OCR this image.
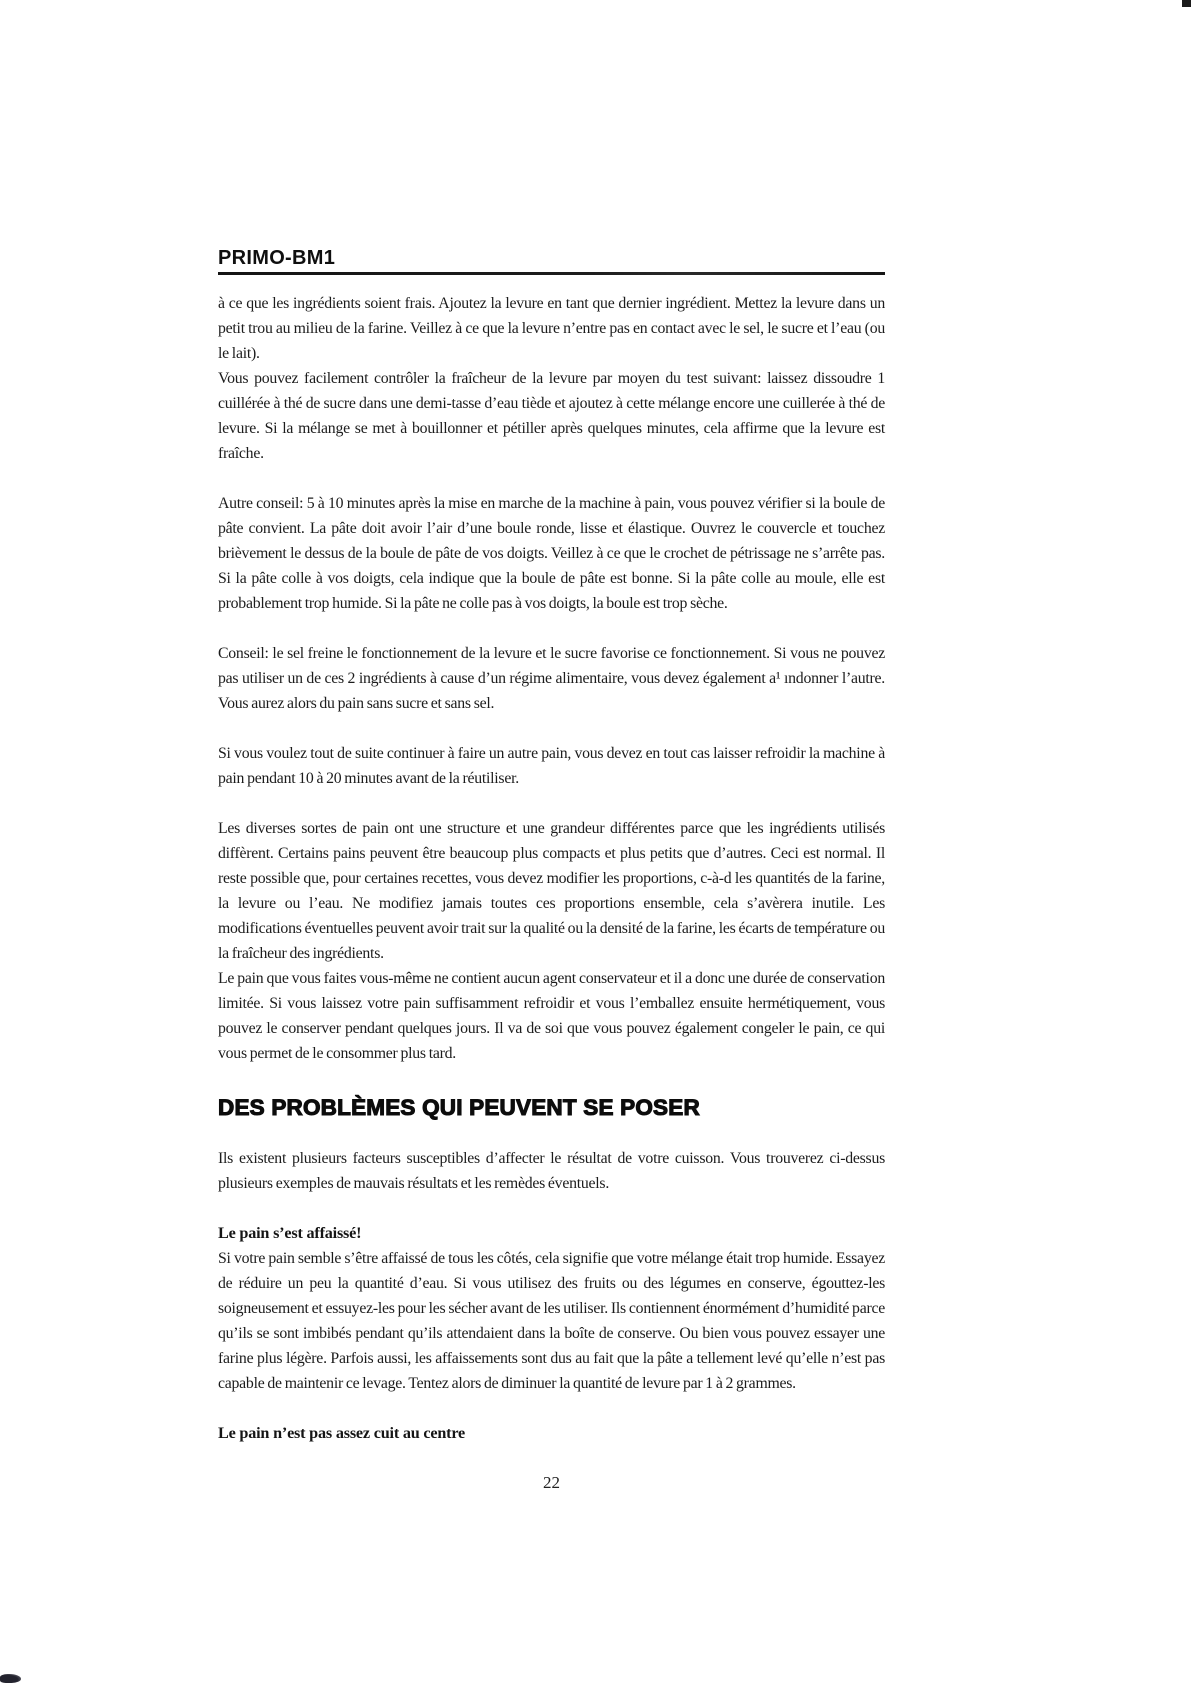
PRIMO-BM1

à ce que les ingrédients soient frais. Ajoutez la levure en tant que dernier ingrédient. Mettez la levure dans un petit trou au milieu de la farine. Veillez à ce que la levure n’entre pas en contact avec le sel, le sucre et l’eau (ou le lait).

Vous pouvez facilement contrôler la fraîcheur de la levure par moyen du test suivant: laissez dissoudre 1 cuillérée à thé de sucre dans une demi-tasse d’eau tiède et ajoutez à cette mélange encore une cuillerée à thé de levure. Si la mélange se met à bouillonner et pétiller après quelques minutes, cela affirme que la levure est fraîche.

Autre conseil: 5 à 10 minutes après la mise en marche de la machine à pain, vous pouvez vérifier si la boule de pâte convient. La pâte doit avoir l’air d’une boule ronde, lisse et élastique. Ouvrez le couvercle et touchez brièvement le dessus de la boule de pâte de vos doigts. Veillez à ce que le crochet de pétrissage ne s’arrête pas. Si la pâte colle à vos doigts, cela indique que la boule de pâte est bonne. Si la pâte colle au moule, elle est probablement trop humide. Si la pâte ne colle pas à vos doigts, la boule est trop sèche.

Conseil: le sel freine le fonctionnement de la levure et le sucre favorise ce fonctionnement. Si vous ne pouvez pas utiliser un de ces 2 ingrédients à cause d’un régime alimentaire, vous devez également a¹ ındonner l’autre. Vous aurez alors du pain sans sucre et sans sel.

Si vous voulez tout de suite continuer à faire un autre pain, vous devez en tout cas laisser refroidir la machine à pain pendant 10 à 20 minutes avant de la réutiliser.

Les diverses sortes de pain ont une structure et une grandeur différentes parce que les ingrédients utilisés diffèrent. Certains pains peuvent être beaucoup plus compacts et plus petits que d’autres. Ceci est normal. Il reste possible que, pour certaines recettes, vous devez modifier les proportions, c-à-d les quantités de la farine, la levure ou l’eau. Ne modifiez jamais toutes ces proportions ensemble, cela s’avèrera inutile. Les modifications éventuelles peuvent avoir trait sur la qualité ou la densité de la farine, les écarts de température ou la fraîcheur des ingrédients.

Le pain que vous faites vous-même ne contient aucun agent conservateur et il a donc une durée de conservation limitée. Si vous laissez votre pain suffisamment refroidir et vous l’emballez ensuite hermétiquement, vous pouvez le conserver pendant quelques jours. Il va de soi que vous pouvez également congeler le pain, ce qui vous permet de le consommer plus tard.

DES PROBLÈMES QUI PEUVENT SE POSER

Ils existent plusieurs facteurs susceptibles d’affecter le résultat de votre cuisson. Vous trouverez ci-dessus plusieurs exemples de mauvais résultats et les remèdes éventuels.

Le pain s’est affaissé!

Si votre pain semble s’être affaissé de tous les côtés, cela signifie que votre mélange était trop humide. Essayez de réduire un peu la quantité d’eau. Si vous utilisez des fruits ou des légumes en conserve, égouttez-les soigneusement et essuyez-les pour les sécher avant de les utiliser. Ils contiennent énormément d’humidité parce qu’ils se sont imbibés pendant qu’ils attendaient dans la boîte de conserve. Ou bien vous pouvez essayer une farine plus légère. Parfois aussi, les affaissements sont dus au fait que la pâte a tellement levé qu’elle n’est pas capable de maintenir ce levage. Tentez alors de diminuer la quantité de levure par 1 à 2 grammes.

Le pain n’est pas assez cuit au centre
22
